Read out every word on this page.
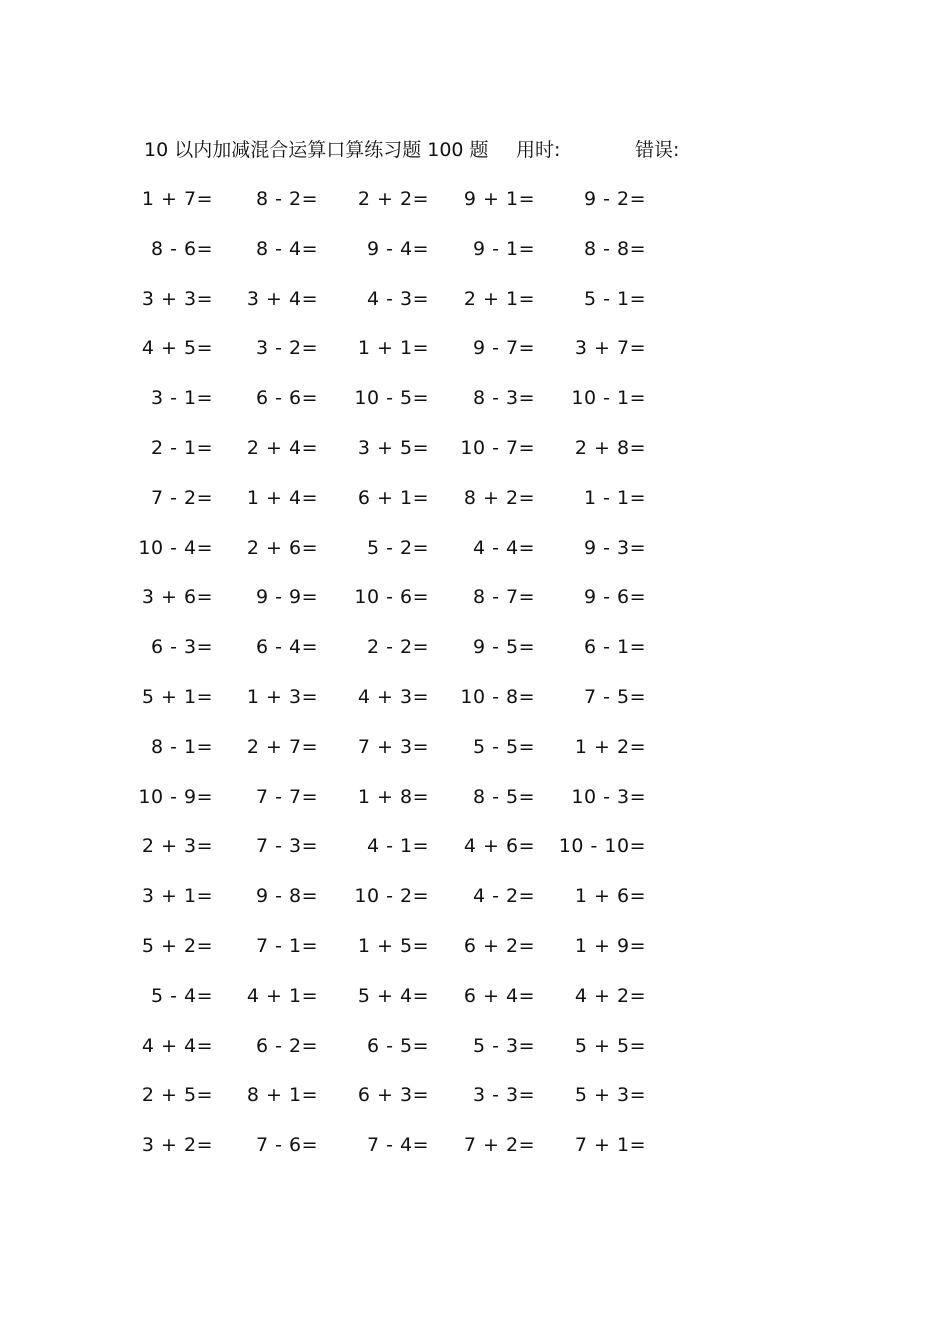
10 以内加减混合运算口算练习题 100 题 用时:	错误:
1 + 7= 8 - 2= 2 + 2= 9 + 1=	9 - 2=
8 - 6= 8 - 4=	9 - 4= 9 - 1=	8 - 8=
3 + 3= 3 + 4=	4 - 3= 2 + 1=	5 - 1=
4 + 5= 3 - 2= 1 + 1= 9 - 7= 3 + 7=
3 - 1= 6 - 6= 10 - 5= 8 - 3= 10 - 1=
2 - 1= 2 + 4= 3 + 5= 10 - 7= 2 + 8=
7 - 2= 1 + 4= 6 + 1= 8 + 2=	1 - 1=
10 - 4= 2 + 6=	5 - 2= 4 - 4=	9 - 3=
3 + 6= 9 - 9= 10 - 6= 8 - 7=	9 - 6=
6 - 3= 6 - 4=	2 - 2= 9 - 5=	6 - 1=
5 + 1= 1 + 3= 4 + 3= 10 - 8=	7 - 5=
8 - 1= 2 + 7= 7 + 3= 5 - 5= 1 + 2=
10 - 9= 7 - 7= 1 + 8= 8 - 5= 10 - 3=
2 + 3= 7 - 3=	4 - 1= 4 + 6= 10 - 10=
3 + 1= 9 - 8= 10 - 2= 4 - 2= 1 + 6=
5 + 2= 7 - 1= 1 + 5= 6 + 2= 1 + 9=
5 - 4= 4 + 1= 5 + 4= 6 + 4= 4 + 2=
4 + 4= 6 - 2=	6 - 5= 5 - 3= 5 + 5=
2 + 5= 8 + 1= 6 + 3= 3 - 3= 5 + 3=
3 + 2= 7 - 6=	7 - 4= 7 + 2= 7 + 1=
